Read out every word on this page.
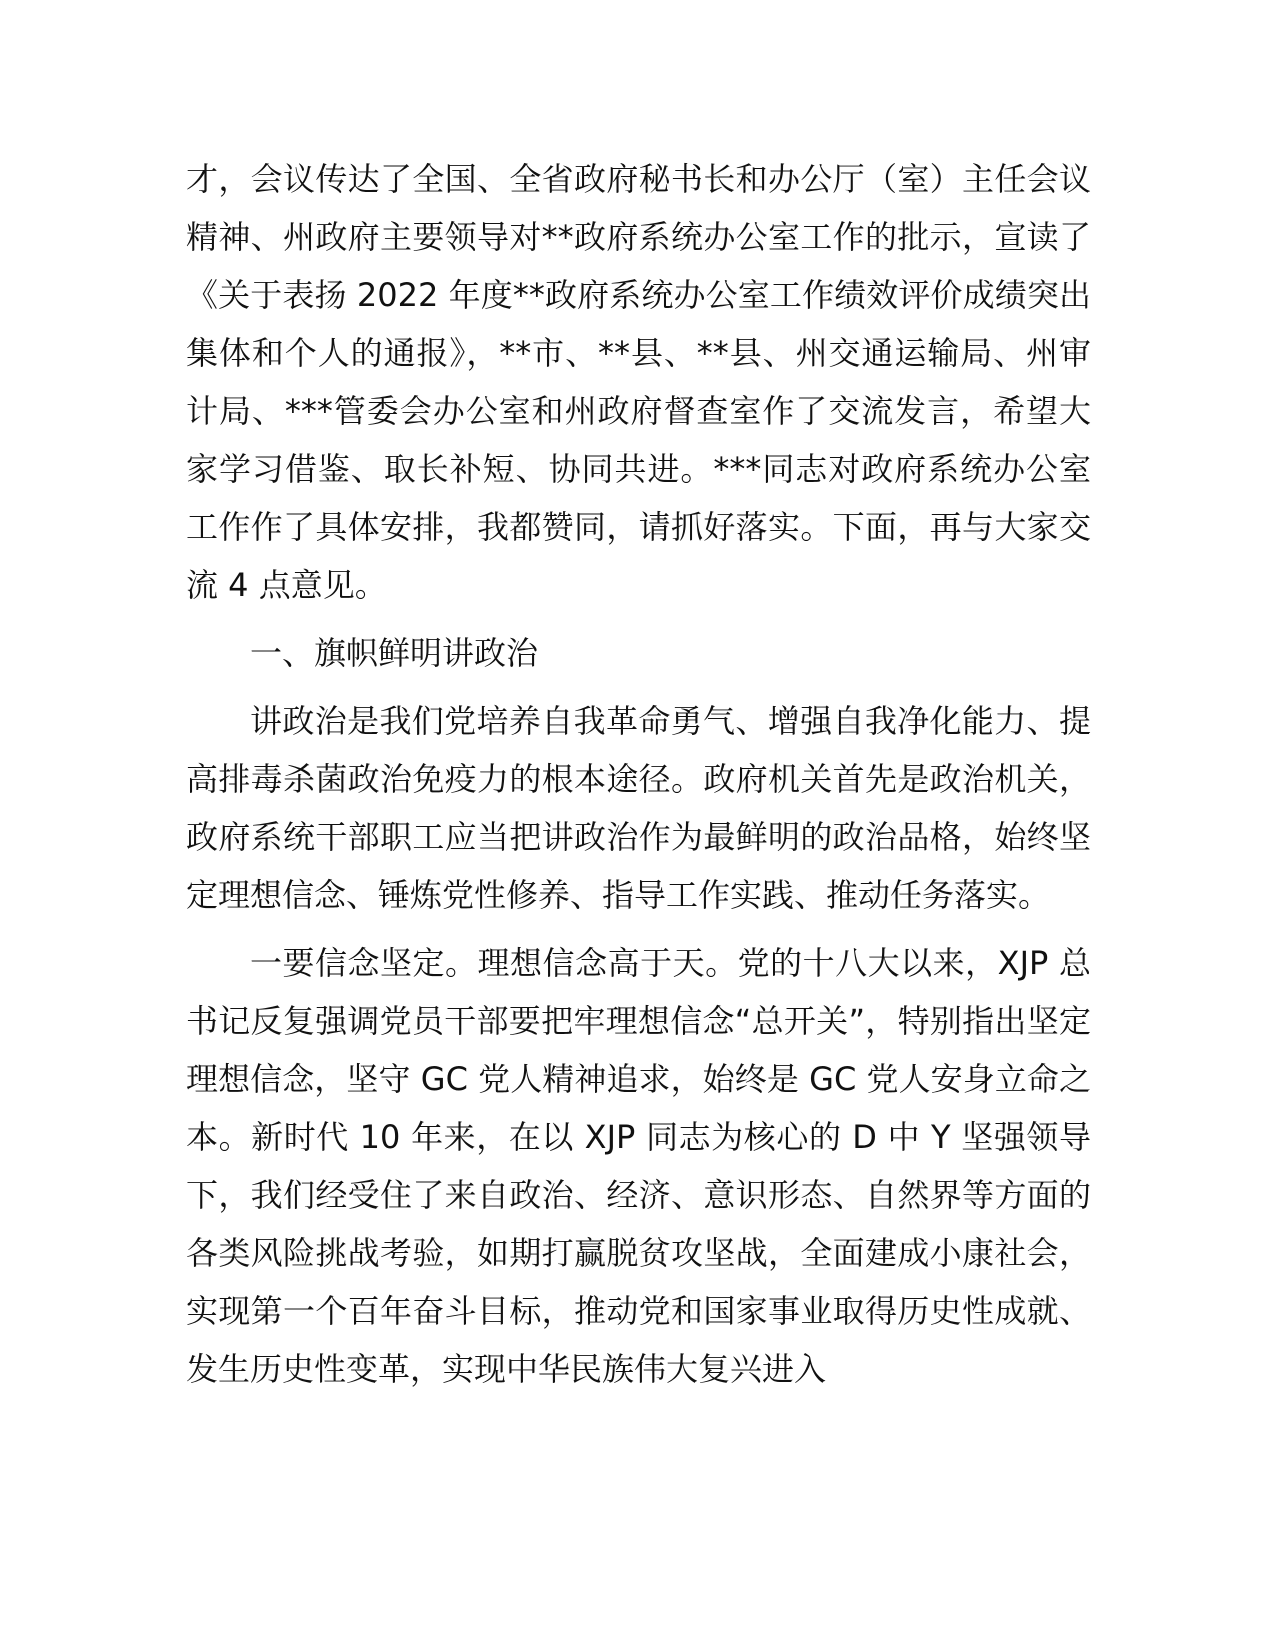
才，会议传达了全国、全省政府秘书长和办公厅（室）主任会议精神、州政府主要领导对**政府系统办公室工作的批示，宣读了《关于表扬 2022 年度**政府系统办公室工作绩效评价成绩突出集体和个人的通报》，**市、**县、**县、州交通运输局、州审计局、***管委会办公室和州政府督查室作了交流发言，希望大家学习借鉴、取长补短、协同共进。***同志对政府系统办公室工作作了具体安排，我都赞同，请抓好落实。下面，再与大家交流 4 点意见。

一、旗帜鲜明讲政治

讲政治是我们党培养自我革命勇气、增强自我净化能力、提高排毒杀菌政治免疫力的根本途径。政府机关首先是政治机关，政府系统干部职工应当把讲政治作为最鲜明的政治品格，始终坚定理想信念、锤炼党性修养、指导工作实践、推动任务落实。

一要信念坚定。理想信念高于天。党的十八大以来，XJP 总书记反复强调党员干部要把牢理想信念“总开关”，特别指出坚定理想信念，坚守 GC 党人精神追求，始终是 GC 党人安身立命之本。新时代 10 年来，在以 XJP 同志为核心的 D 中 Y 坚强领导下，我们经受住了来自政治、经济、意识形态、自然界等方面的各类风险挑战考验，如期打赢脱贫攻坚战，全面建成小康社会，实现第一个百年奋斗目标，推动党和国家事业取得历史性成就、发生历史性变革，实现中华民族伟大复兴进入
